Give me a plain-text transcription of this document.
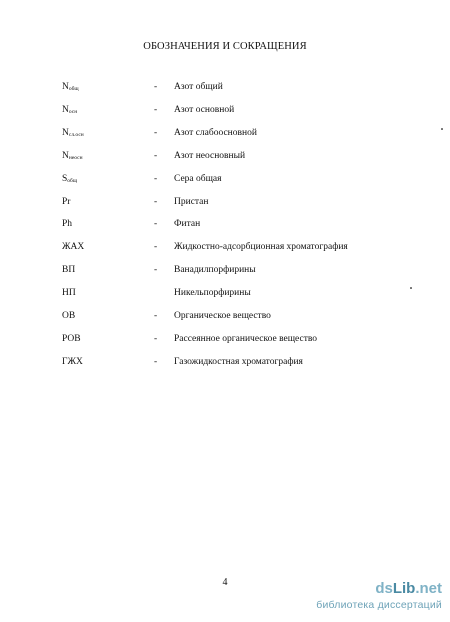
ОБОЗНАЧЕНИЯ И СОКРАЩЕНИЯ
$N_{общ}$	- Азот общий
$N_{осн}$	- Азот основной
$N_{сл.осн}$	- Азот слабоосновной
$N_{неосн}$	- Азот неосновный
$S_{общ}$	- Сера общая
Pr	- Пристан
Ph	- Фитан
ЖАХ	- Жидкостно-адсорбционная хроматография
ВП	- Ванадилпорфирины
НП	Никельпорфирины
ОВ	- Органическое вещество
РОВ	- Рассеянное органическое вещество
ГЖХ	- Газожидкостная хроматография
4	dsLib.net
библиотека диссертаций
